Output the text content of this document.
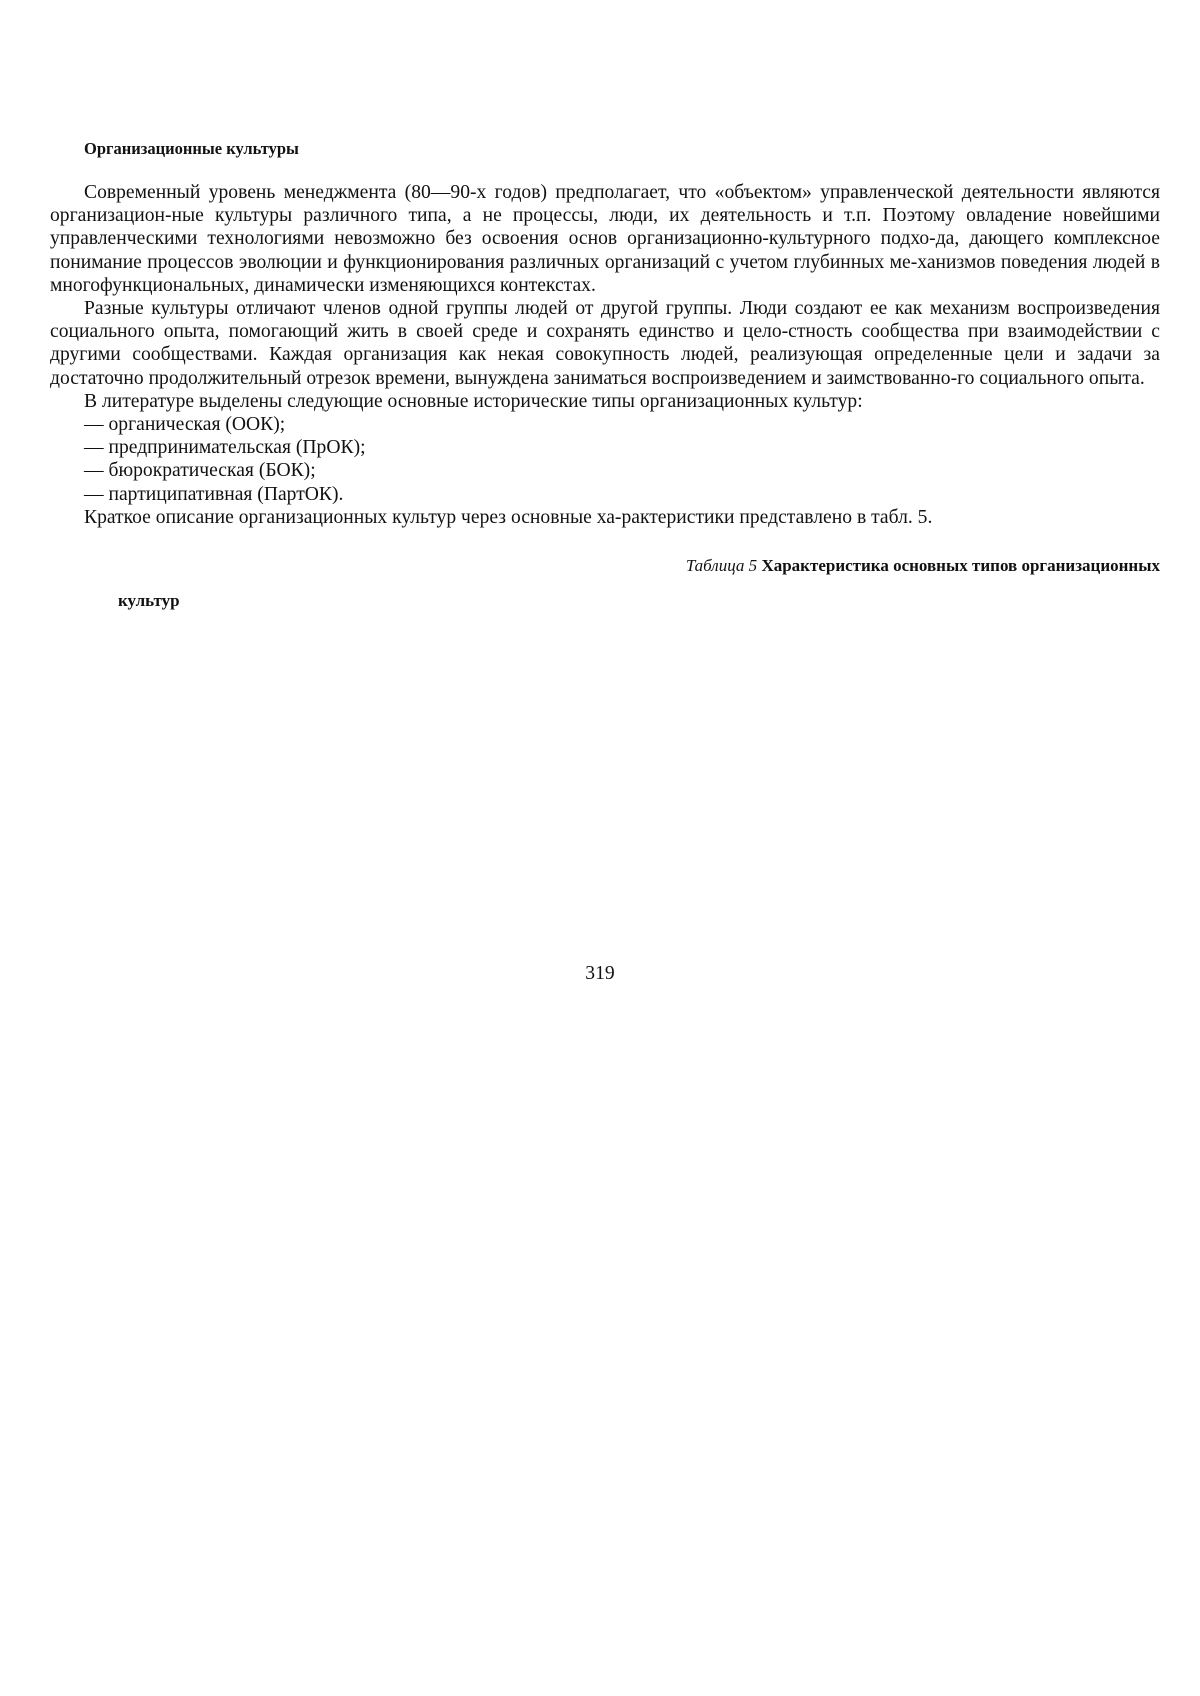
Организационные культуры

Современный уровень менеджмента (80—90-х годов) предполагает, что «объектом» управленческой деятельности являются организацион-ные культуры различного типа, а не процессы, люди, их деятельность и т.п. Поэтому овладение новейшими управленческими технологиями невозможно без освоения основ организационно-культурного подхо-да, дающего комплексное понимание процессов эволюции и функционирования различных организаций с учетом глубинных ме-ханизмов поведения людей в многофункциональных, динамически изменяющихся контекстах.

Разные культуры отличают членов одной группы людей от другой группы. Люди создают ее как механизм воспроизведения социального опыта, помогающий жить в своей среде и сохранять единство и цело-стность сообщества при взаимодействии с другими сообществами. Каждая организация как некая совокупность людей, реализующая определенные цели и задачи за достаточно продолжительный отрезок времени, вынуждена заниматься воспроизведением и заимствованно-го социального опыта.

В литературе выделены следующие основные исторические типы организационных культур:
— органическая (ООК);
— предпринимательская (ПрОК);
— бюрократическая (БОК);
— партиципативная (ПартОК).
Краткое описание организационных культур через основные ха-рактеристики представлено в табл. 5.
Таблица 5 Характеристика основных типов организационных
культур
319
